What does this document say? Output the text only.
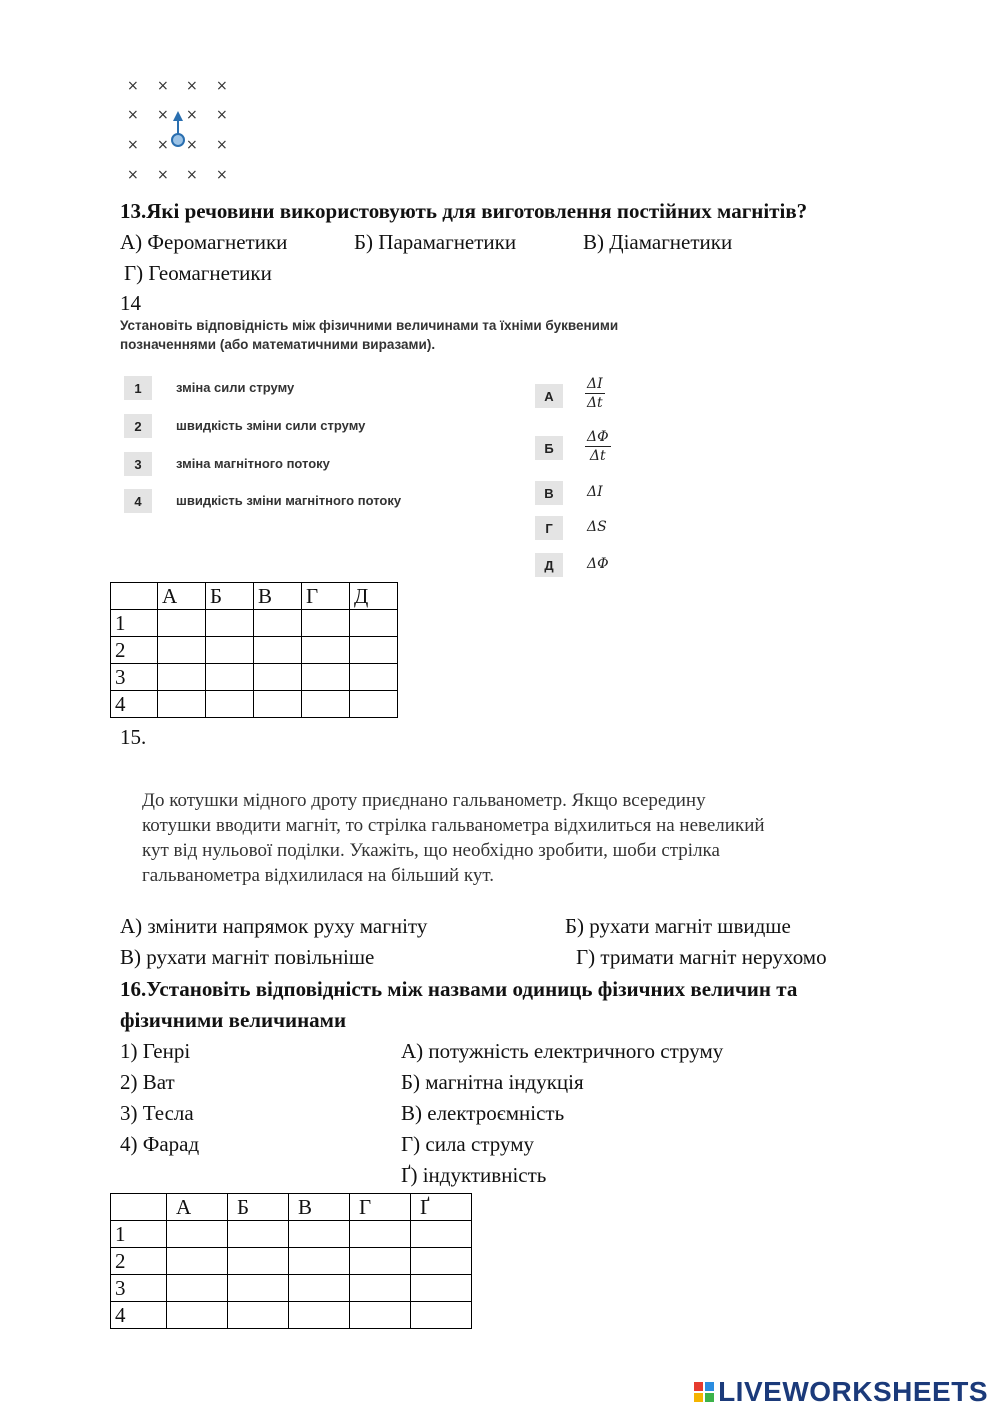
× × × ×
× × × ×
× × × ×
× × × ×
13.Які речовини використовують для виготовлення постійних магнітів?
А) Феромагнетики	Б) Парамагнетики	В) Діамагнетики
Г) Геомагнетики
14
Установіть відповідність між фізичними величинами та їхніми буквеними
позначеннями (або математичними виразами).
1	зміна сили струму
2	швидкість зміни сили струму
3	зміна магнітного потоку
4	швидкість зміни магнітного потоку
А	$\frac{\Delta I}{\Delta t}$
Б	$\frac{\Delta\Phi}{\Delta t}$
В	ΔI
Г	ΔS
Д	ΔΦ
	А	Б	В	Г	Д
1					
2					
3					
4					
15.
До котушки мідного дроту приєднано гальванометр. Якщо всередину
котушки вводити магніт, то стрілка гальванометра відхилиться на невеликий
кут від нульової поділки. Укажіть, що необхідно зробити, шоби стрілка
гальванометра відхилилася на більший кут.
А) змінити напрямок руху магніту	Б) рухати магніт швидше
В) рухати магніт повільніше	Г) тримати магніт нерухомо
16.Установіть відповідність між назвами одиниць фізичних величин та
фізичними величинами
1) Генрі
2) Ват
3) Тесла
4) Фарад
А) потужність електричного струму
Б) магнітна індукція
В) електроємність
Г) сила струму
Ґ) індуктивність
	А	Б	В	Г	Ґ
1					
2					
3					
4					
LIVEWORKSHEETS
